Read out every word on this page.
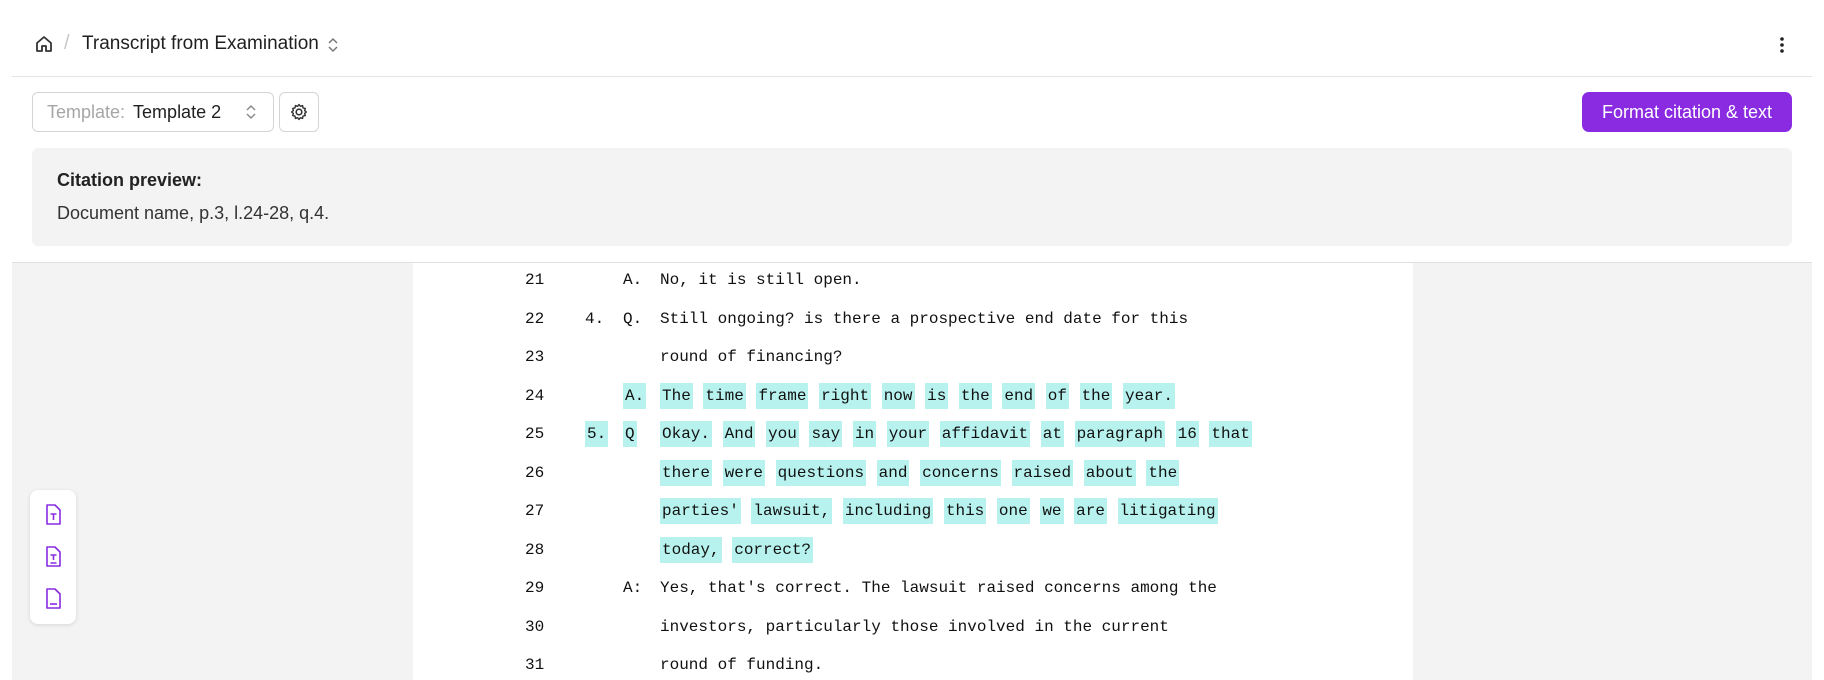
/ Transcript from Examination
Template: Template 2	Format citation & text
Citation preview:
Document name, p.3, l.24-28, q.4.
21	A. No, it is still open.
22	4. Q. Still ongoing? is there a prospective end date for this
23	round of financing?
24	A. The time frame right now is the end of the year.
25	5. Q Okay. And you say in your affidavit at paragraph 16 that
26	there were questions and concerns raised about the
27	parties' lawsuit, including this one we are litigating
28	today, correct?
29	A: Yes, that's correct. The lawsuit raised concerns among the
30	investors, particularly those involved in the current
31	round of funding.
